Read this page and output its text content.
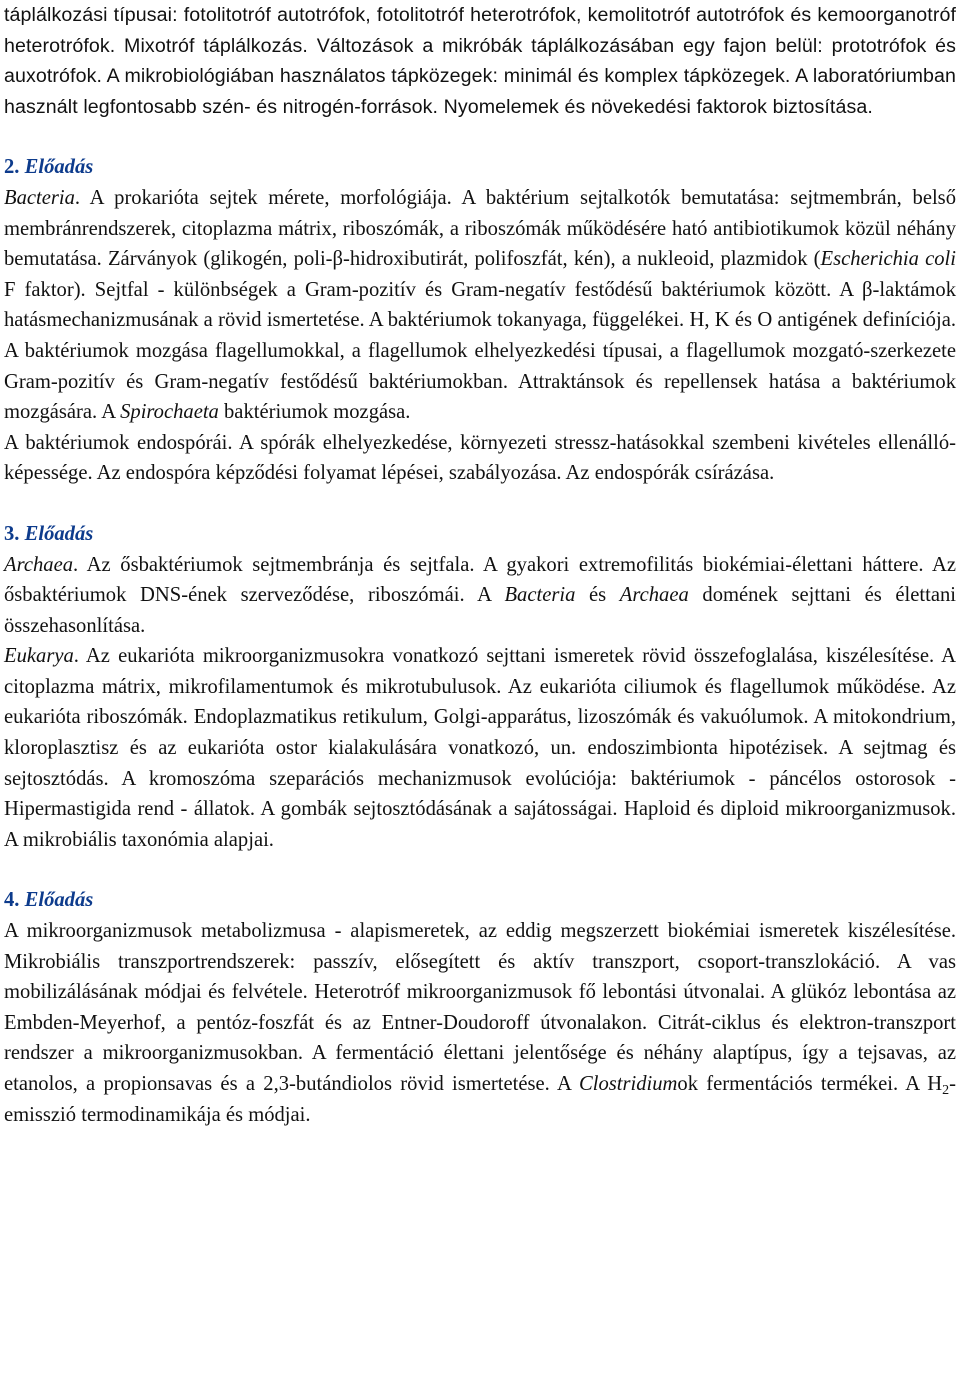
táplálkozási típusai: fotolitotróf autotrófok, fotolitotróf heterotrófok, kemolitotróf autotrófok és kemoorganotróf heterotrófok. Mixotróf táplálkozás. Változások a mikróbák táplálkozásában egy fajon belül: prototrófok és auxotrófok. A mikrobiológiában használatos tápközegek: minimál és komplex tápközegek. A laboratóriumban használt legfontosabb szén- és nitrogén-források. Nyomelemek és növekedési faktorok biztosítása.

2. Előadás

Bacteria. A prokarióta sejtek mérete, morfológiája. A baktérium sejtalkotók bemutatása: sejtmembrán, belső membránrendszerek, citoplazma mátrix, riboszómák, a riboszómák működésére ható antibiotikumok közül néhány bemutatása. Zárványok (glikogén, poli-β-hidroxibutirát, polifoszfát, kén), a nukleoid, plazmidok (Escherichia coli F faktor). Sejtfal - különbségek a Gram-pozitív és Gram-negatív festődésű baktériumok között. A β-laktámok hatásmechanizmusának a rövid ismertetése. A baktériumok tokanyaga, függelékei. H, K és O antigének definíciója. A baktériumok mozgása flagellumokkal, a flagellumok elhelyezkedési típusai, a flagellumok mozgató-szerkezete Gram-pozitív és Gram-negatív festődésű baktériumokban. Attraktánsok és repellensek hatása a baktériumok mozgására. A Spirochaeta baktériumok mozgása.

A baktériumok endospórái. A spórák elhelyezkedése, környezeti stressz-hatásokkal szembeni kivételes ellenálló-képessége. Az endospóra képződési folyamat lépései, szabályozása. Az endospórák csírázása.

3. Előadás

Archaea. Az ősbaktériumok sejtmembránja és sejtfala. A gyakori extremofilitás biokémiai-élettani háttere. Az ősbaktériumok DNS-ének szerveződése, riboszómái. A Bacteria és Archaea domének sejttani és élettani összehasonlítása.

Eukarya. Az eukarióta mikroorganizmusokra vonatkozó sejttani ismeretek rövid összefoglalása, kiszélesítése. A citoplazma mátrix, mikrofilamentumok és mikrotubulusok. Az eukarióta ciliumok és flagellumok működése. Az eukarióta riboszómák. Endoplazmatikus retikulum, Golgi-apparátus, lizoszómák és vakuólumok. A mitokondrium, kloroplasztisz és az eukarióta ostor kialakulására vonatkozó, un. endoszimbionta hipotézisek. A sejtmag és sejtosztódás. A kromoszóma szeparációs mechanizmusok evolúciója: baktériumok - páncélos ostorosok - Hipermastigida rend - állatok. A gombák sejtosztódásának a sajátosságai. Haploid és diploid mikroorganizmusok. A mikrobiális taxonómia alapjai.

4. Előadás

A mikroorganizmusok metabolizmusa - alapismeretek, az eddig megszerzett biokémiai ismeretek kiszélesítése. Mikrobiális transzportrendszerek: passzív, elősegített és aktív transzport, csoport-transzlokáció. A vas mobilizálásának módjai és felvétele. Heterotróf mikroorganizmusok fő lebontási útvonalai. A glükóz lebontása az Embden-Meyerhof, a pentóz-foszfát és az Entner-Doudoroff útvonalakon. Citrát-ciklus és elektron-transzport rendszer a mikroorganizmusokban. A fermentáció élettani jelentősége és néhány alaptípus, így a tejsavas, az etanolos, a propionsavas és a 2,3-butándiolos rövid ismertetése. A Clostridiumok fermentációs termékei. A $H_2$-emisszió termodinamikája és módjai.
